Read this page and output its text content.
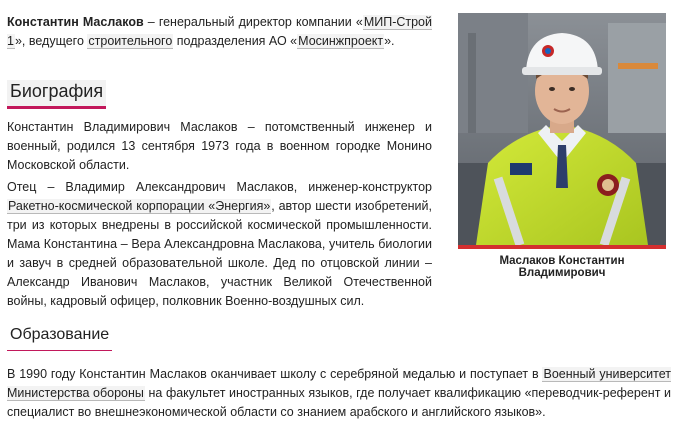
Константин Маслаков – генеральный директор компании «МИП-Строй 1», ведущего строительного подразделения АО «Мосинжпроект».
Биография

Константин Владимирович Маслаков – потомственный инженер и военный, родился 13 сентября 1973 года в военном городке Монино Московской области.

Отец – Владимир Александрович Маслаков, инженер-конструктор Ракетно-космической корпорации «Энергия», автор шести изобретений, три из которых внедрены в российской космической промышленности. Мама Константина – Вера Александровна Маслакова, учитель биологии и завуч в средней образовательной школе. Дед по отцовской линии – Александр Иванович Маслаков, участник Великой Отечественной войны, кадровый офицер, полковник Военно-воздушных сил.

Образование

В 1990 году Константин Маслаков оканчивает школу с серебряной медалью и поступает в Военный университет Министерства обороны на факультет иностранных языков, где получает квалификацию «переводчик-референт и специалист во внешнеэкономической области со знанием арабского и английского языков».

Маслаков Константин Владимирович
